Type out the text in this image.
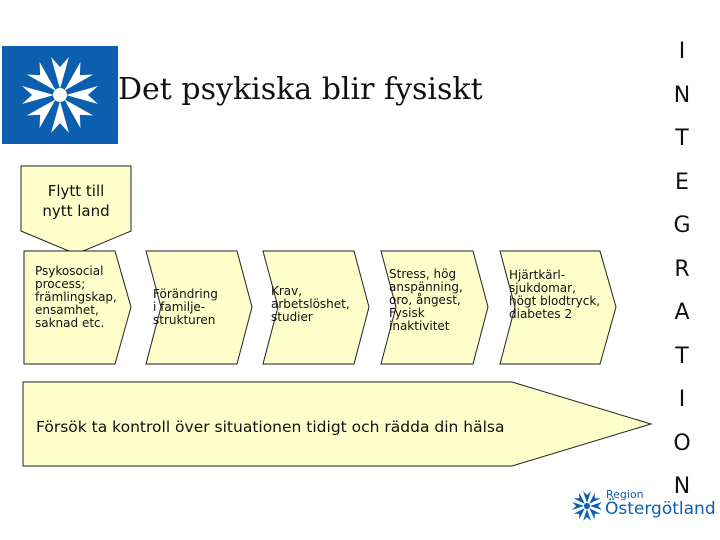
Det psykiska blir fysiskt
I
N
T
E
G
R
A
T
I
O
N
Flytt till
nytt land
Psykosocial
process;
främlingskap,
ensamhet,
saknad etc.
Förändring
i familje-
strukturen
Krav,
arbetslöshet,
studier
Stress, hög
anspänning,
oro, ångest,
Fysisk
inaktivitet
Hjärtkärl-
sjukdomar,
högt blodtryck,
diabetes 2
Försök ta kontroll över situationen tidigt och rädda din hälsa
Region
Östergötland
